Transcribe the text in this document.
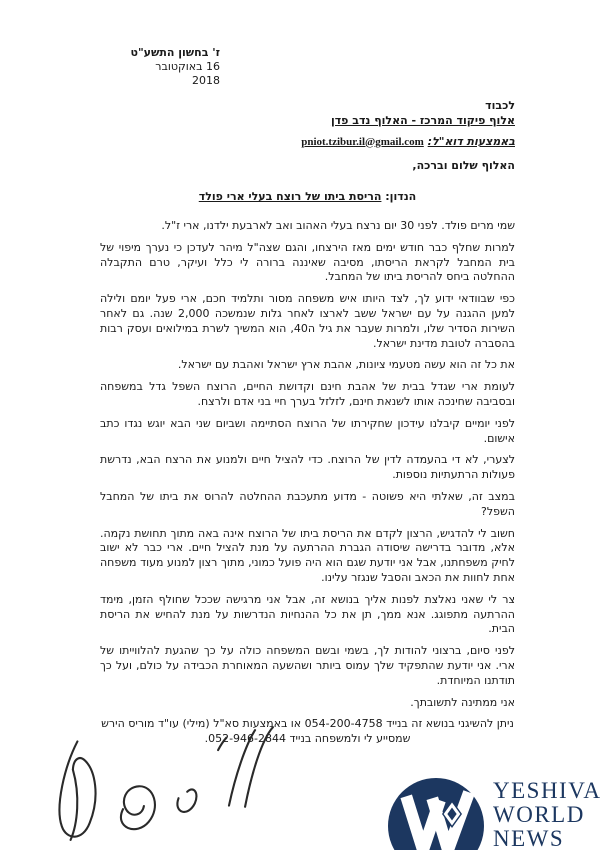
ז' בחשון התשע"ט
16 באוקטובר 2018
לכבוד
אלוף פיקוד המרכז - האלוף נדב פדן
באמצעות דוא"ל: pniot.tzibur.il@gmail.com
האלוף שלום וברכה,
הנדון: הריסת ביתו של רוצח בעלי ארי פולד

שמי מרים פולד. לפני 30 יום נרצח בעלי האהוב ואב לארבעת ילדנו, ארי ז"ל.

למרות שחלף כבר חודש ימים מאז הירצחו, והגם שצה"ל מיהר לעדכן כי נערך מיפוי של בית המחבל לקראת הריסתו, מסיבה שאיננה ברורה לי כלל ועיקר, טרם התקבלה ההחלטה ביחס להריסת ביתו של המחבל.

כפי שבוודאי ידוע לך, לצד היותו איש משפחה מסור ותלמיד חכם, ארי פעל יומם ולילה למען ההגנה על עם ישראל ששב לארצו לאחר גלות שנמשכה 2,000 שנה. גם לאחר השירות הסדיר שלו, ולמרות שעבר את גיל ה40, הוא המשיך לשרת במילואים ועסק רבות בהסברה לטובת מדינת ישראל.

את כל זה הוא עשה מטעמי ציונות, אהבת ארץ ישראל ואהבת עם ישראל.

לעומת ארי שגדל בבית של אהבת חינם וקדושת החיים, הרוצח השפל גדל במשפחה ובסביבה שחינכה אותו לשנאת חינם, לזלזל בערך חיי בני אדם ולרצח.

לפני יומיים קיבלנו עידכון שחקירתו של הרוצח הסתיימה ושביום שני הבא יוגש נגדו כתב אישום.

לצערי, לא די בהעמדה לדין של הרוצח. כדי להציל חיים ולמנוע את הרצח הבא, נדרשת פעולות הרתעתיות נוספות.

במצב זה, שאלתי היא פשוטה - מדוע מתעכבת ההחלטה להרוס את ביתו של המחבל השפל?

חשוב לי להדגיש, הרצון לקדם את הריסת ביתו של הרוצח אינה באה מתוך תחושת נקמה. אלא, מדובר בדרישה שיסודה הגברת ההרתעה על מנת להציל חיים. ארי כבר לא ישוב לחיק משפחתנו, אבל אני יודעת שגם הוא היה פועל כמוני, מתוך רצון למנוע מעוד משפחה אחת לחוות את הכאב והסבל שנגזר עלינו.

צר לי שאני נאלצת לפנות אליך בנושא זה, אבל אני מרגישה שככל שחולף הזמן, מימד ההרתעה מתפוגג. אנא ממך, תן את כל ההנחיות הנדרשות על מנת להחיש את הריסת הבית.

לפני סיום, ברצוני להודות לך, בשמי ובשם המשפחה כולה על כך שהגעת להלווייתו של ארי. אני יודעת שהתפקיד שלך עמוס ביותר ושהשעה המאוחרת הכבידה על כולם, ועל כך תודתנו המיוחדת.

אני ממתינה לתשובתך.

ניתן להשיגני בנושא זה בנייד 054-200-4758 או באמצעות סא"ל (מילי) עו"ד מוריס הירש שמסייע לי ולמשפחה בנייד 052-946-2844.

YESHIVA
WORLD
NEWS
